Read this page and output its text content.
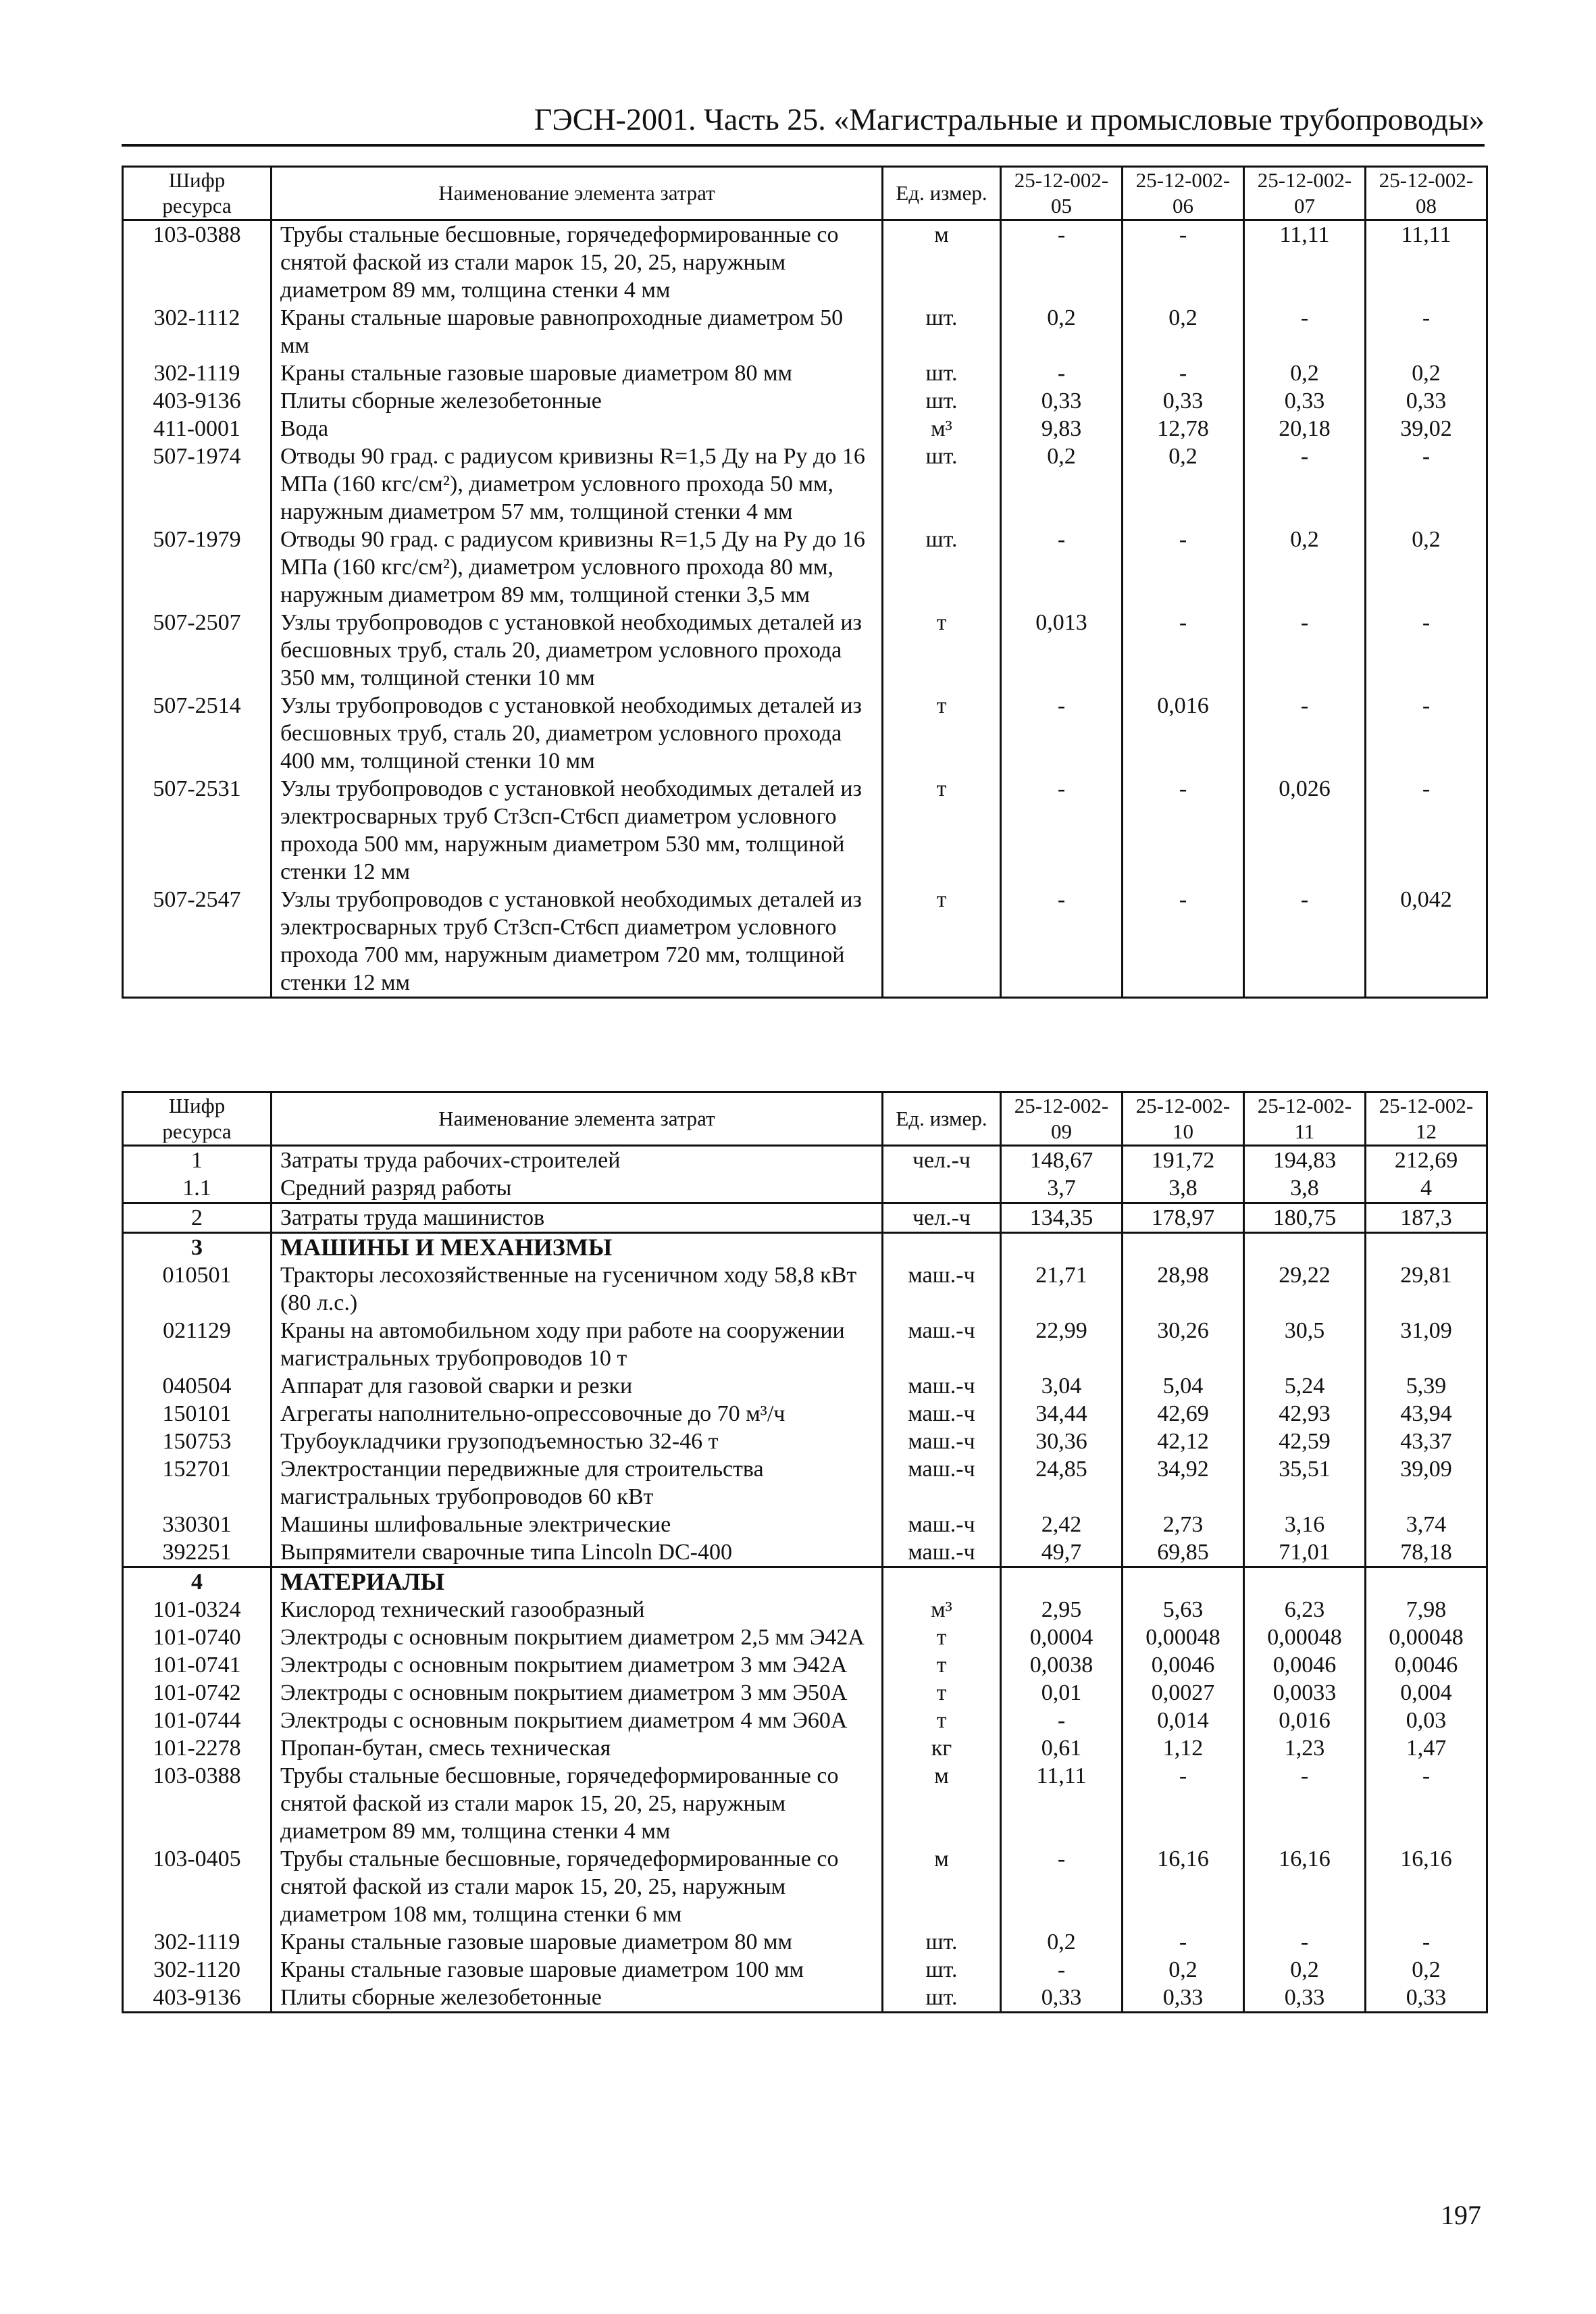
ГЭСН-2001. Часть 25. «Магистральные и промысловые трубопроводы»
Шифр ресурса	Наименование элемента затрат	Ед. измер.	25-12-002-05	25-12-002-06	25-12-002-07	25-12-002-08
103-0388	Трубы стальные бесшовные, горячедеформированные со снятой фаской из стали марок 15, 20, 25, наружным диаметром 89 мм, толщина стенки 4 мм	м	-	-	11,11	11,11
302-1112	Краны стальные шаровые равнопроходные диаметром 50 мм	шт.	0,2	0,2	-	-
302-1119	Краны стальные газовые шаровые диаметром 80 мм	шт.	-	-	0,2	0,2
403-9136	Плиты сборные железобетонные	шт.	0,33	0,33	0,33	0,33
411-0001	Вода	м³	9,83	12,78	20,18	39,02
507-1974	Отводы 90 град. с радиусом кривизны R=1,5 Ду на Ру до 16 МПа (160 кгс/см²), диаметром условного прохода 50 мм, наружным диаметром 57 мм, толщиной стенки 4 мм	шт.	0,2	0,2	-	-
507-1979	Отводы 90 град. с радиусом кривизны R=1,5 Ду на Ру до 16 МПа (160 кгс/см²), диаметром условного прохода 80 мм, наружным диаметром 89 мм, толщиной стенки 3,5 мм	шт.	-	-	0,2	0,2
507-2507	Узлы трубопроводов с установкой необходимых деталей из бесшовных труб, сталь 20, диаметром условного прохода 350 мм, толщиной стенки 10 мм	т	0,013	-	-	-
507-2514	Узлы трубопроводов с установкой необходимых деталей из бесшовных труб, сталь 20, диаметром условного прохода 400 мм, толщиной стенки 10 мм	т	-	0,016	-	-
507-2531	Узлы трубопроводов с установкой необходимых деталей из электросварных труб Ст3сп-Ст6сп диаметром условного прохода 500 мм, наружным диаметром 530 мм, толщиной стенки 12 мм	т	-	-	0,026	-
507-2547	Узлы трубопроводов с установкой необходимых деталей из электросварных труб Ст3сп-Ст6сп диаметром условного прохода 700 мм, наружным диаметром 720 мм, толщиной стенки 12 мм	т	-	-	-	0,042
Шифр ресурса	Наименование элемента затрат	Ед. измер.	25-12-002-09	25-12-002-10	25-12-002-11	25-12-002-12
1	Затраты труда рабочих-строителей	чел.-ч	148,67	191,72	194,83	212,69
1.1	Средний разряд работы		3,7	3,8	3,8	4
2	Затраты труда машинистов	чел.-ч	134,35	178,97	180,75	187,3
3	МАШИНЫ И МЕХАНИЗМЫ					
010501	Тракторы лесохозяйственные на гусеничном ходу 58,8 кВт (80 л.с.)	маш.-ч	21,71	28,98	29,22	29,81
021129	Краны на автомобильном ходу при работе на сооружении магистральных трубопроводов 10 т	маш.-ч	22,99	30,26	30,5	31,09
040504	Аппарат для газовой сварки и резки	маш.-ч	3,04	5,04	5,24	5,39
150101	Агрегаты наполнительно-опрессовочные до 70 м³/ч	маш.-ч	34,44	42,69	42,93	43,94
150753	Трубоукладчики грузоподъемностью 32-46 т	маш.-ч	30,36	42,12	42,59	43,37
152701	Электростанции передвижные для строительства магистральных трубопроводов 60 кВт	маш.-ч	24,85	34,92	35,51	39,09
330301	Машины шлифовальные электрические	маш.-ч	2,42	2,73	3,16	3,74
392251	Выпрямители сварочные типа Lincoln DC-400	маш.-ч	49,7	69,85	71,01	78,18
4	МАТЕРИАЛЫ					
101-0324	Кислород технический газообразный	м³	2,95	5,63	6,23	7,98
101-0740	Электроды с основным покрытием диаметром 2,5 мм Э42А	т	0,0004	0,00048	0,00048	0,00048
101-0741	Электроды с основным покрытием диаметром 3 мм Э42А	т	0,0038	0,0046	0,0046	0,0046
101-0742	Электроды с основным покрытием диаметром 3 мм Э50А	т	0,01	0,0027	0,0033	0,004
101-0744	Электроды с основным покрытием диаметром 4 мм Э60А	т	-	0,014	0,016	0,03
101-2278	Пропан-бутан, смесь техническая	кг	0,61	1,12	1,23	1,47
103-0388	Трубы стальные бесшовные, горячедеформированные со снятой фаской из стали марок 15, 20, 25, наружным диаметром 89 мм, толщина стенки 4 мм	м	11,11	-	-	-
103-0405	Трубы стальные бесшовные, горячедеформированные со снятой фаской из стали марок 15, 20, 25, наружным диаметром 108 мм, толщина стенки 6 мм	м	-	16,16	16,16	16,16
302-1119	Краны стальные газовые шаровые диаметром 80 мм	шт.	0,2	-	-	-
302-1120	Краны стальные газовые шаровые диаметром 100 мм	шт.	-	0,2	0,2	0,2
403-9136	Плиты сборные железобетонные	шт.	0,33	0,33	0,33	0,33
197
